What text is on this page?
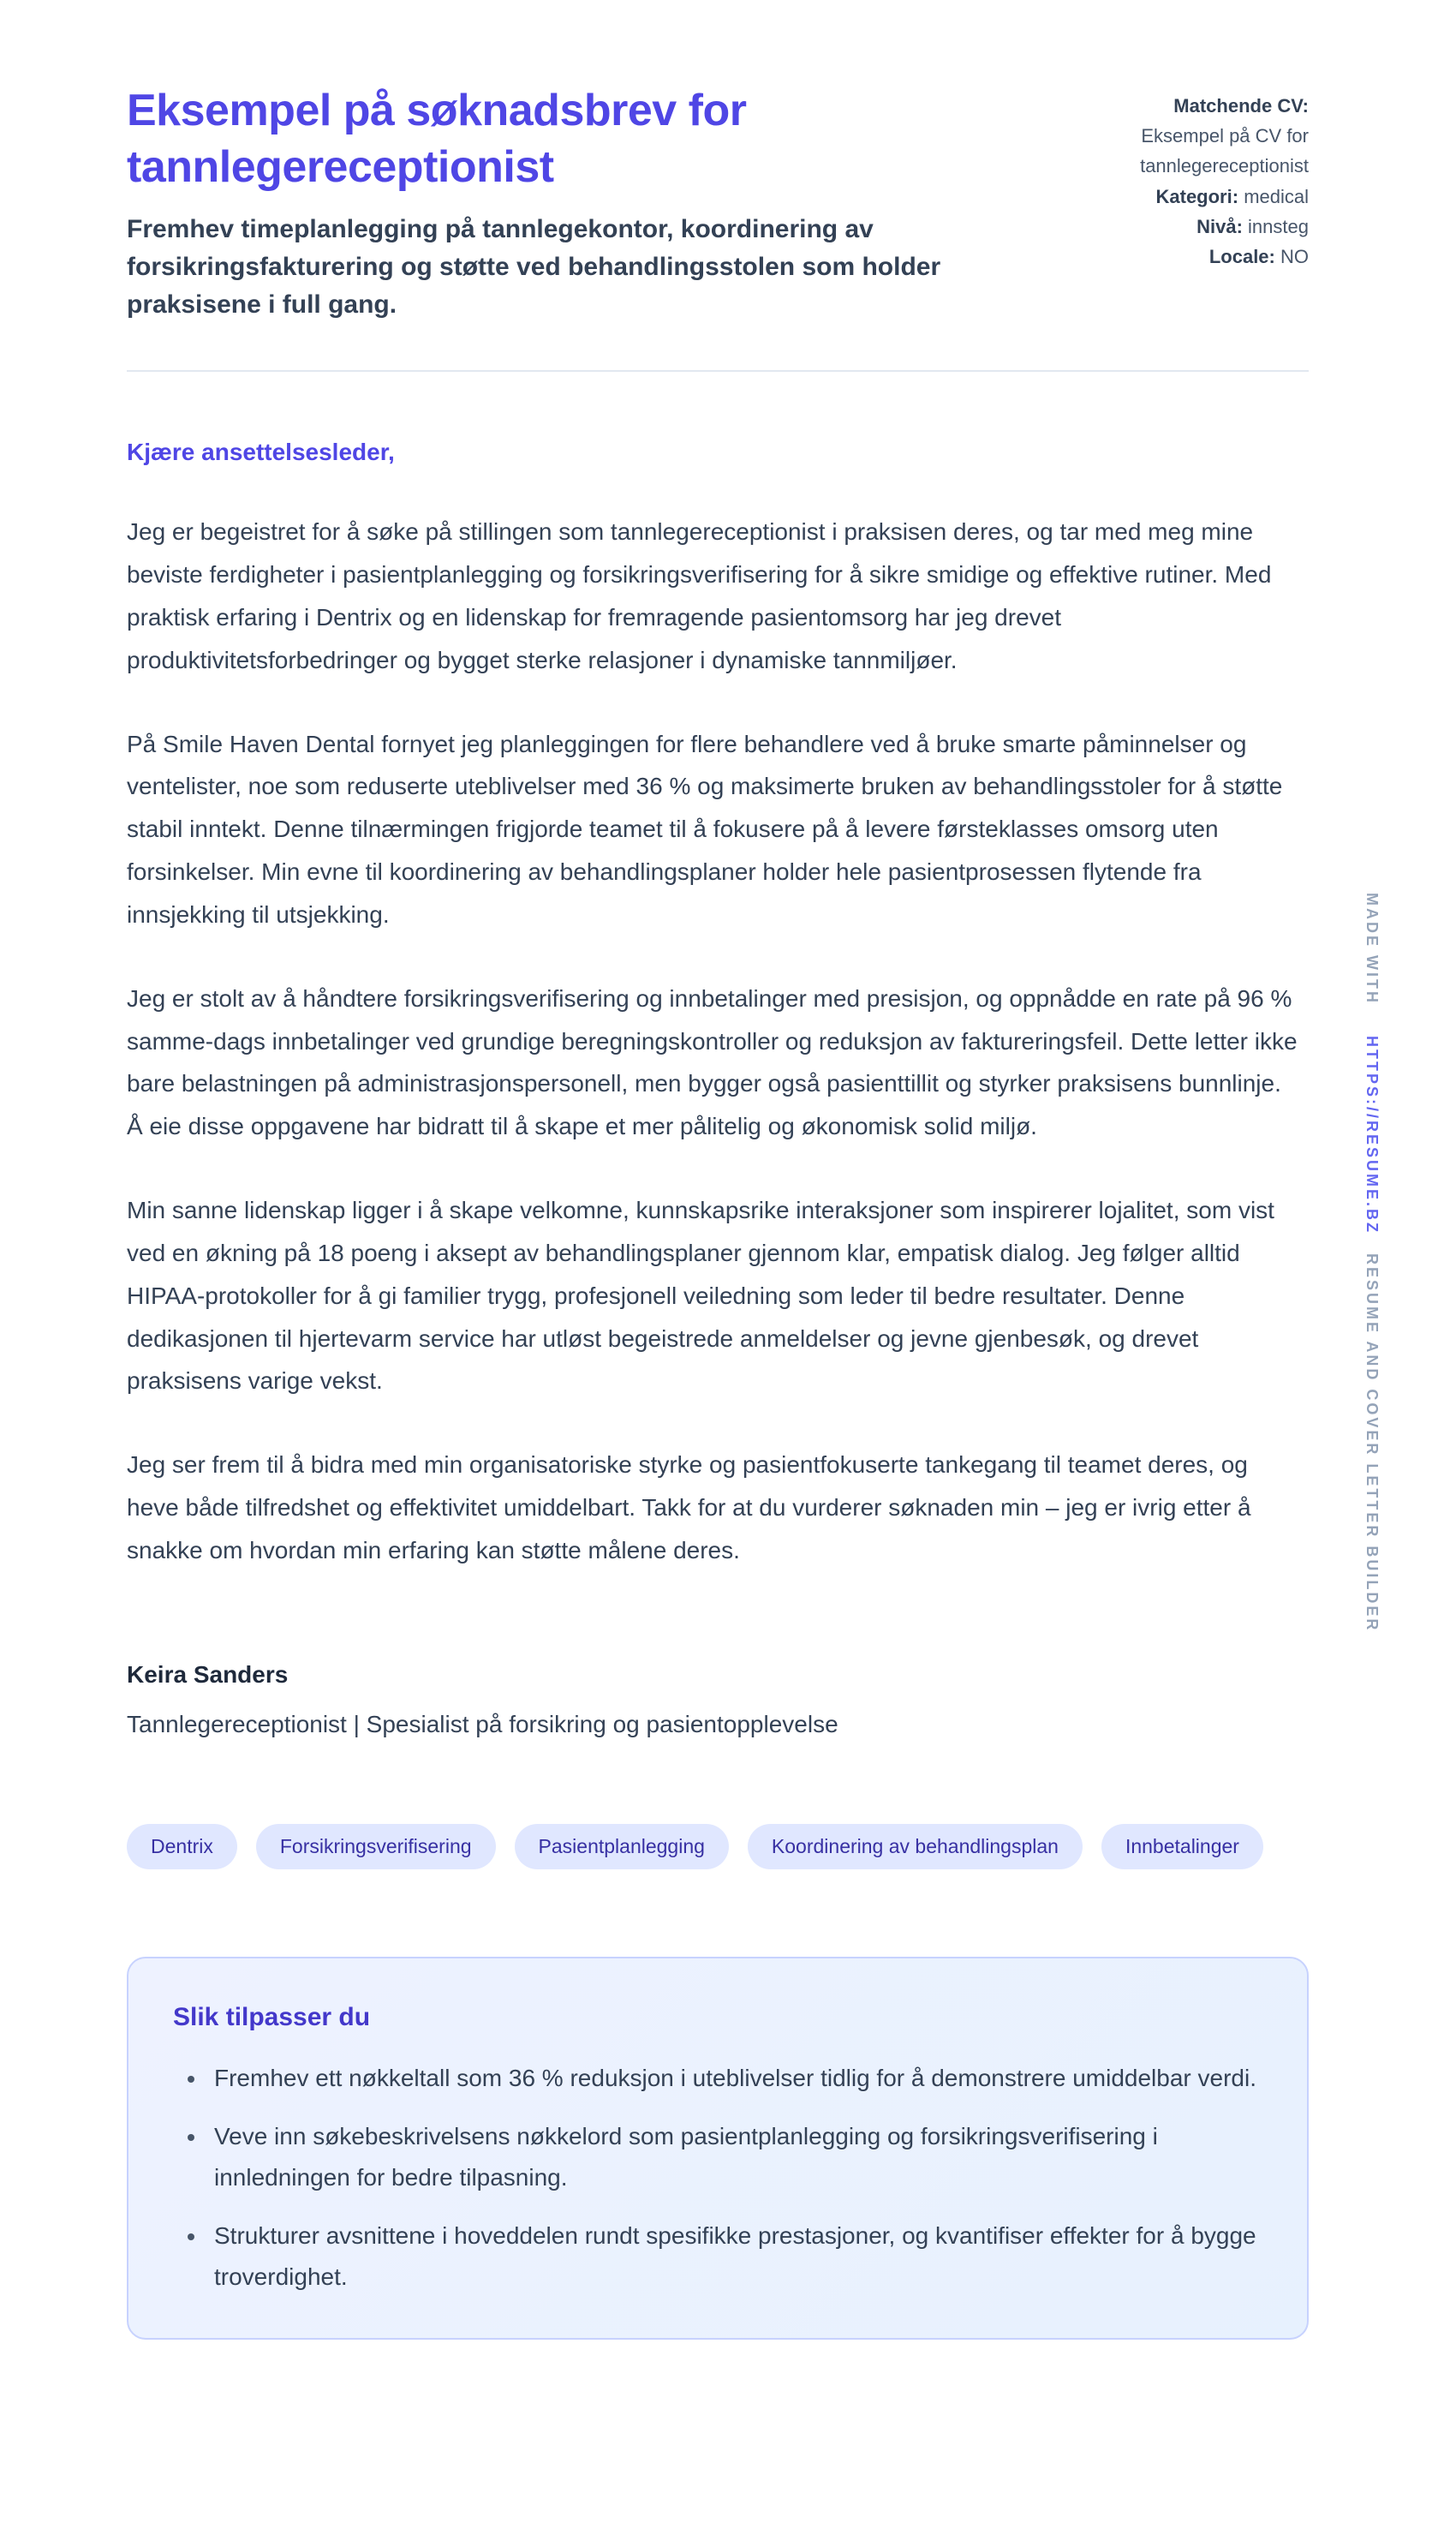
Eksempel på søknadsbrev for tannlegereceptionist

Fremhev timeplanlegging på tannlegekontor, koordinering av forsikringsfakturering og støtte ved behandlingsstolen som holder praksisene i full gang.

Matchende CV:
Eksempel på CV for tannlegereceptionist

Kategori: medical

Nivå: innsteg

Locale: NO

Kjære ansettelsesleder,

Jeg er begeistret for å søke på stillingen som tannlegereceptionist i praksisen deres, og tar med meg mine beviste ferdigheter i pasientplanlegging og forsikringsverifisering for å sikre smidige og effektive rutiner. Med praktisk erfaring i Dentrix og en lidenskap for fremragende pasientomsorg har jeg drevet produktivitetsforbedringer og bygget sterke relasjoner i dynamiske tannmiljøer.

På Smile Haven Dental fornyet jeg planleggingen for flere behandlere ved å bruke smarte påminnelser og ventelister, noe som reduserte uteblivelser med 36 % og maksimerte bruken av behandlingsstoler for å støtte stabil inntekt. Denne tilnærmingen frigjorde teamet til å fokusere på å levere førsteklasses omsorg uten forsinkelser. Min evne til koordinering av behandlingsplaner holder hele pasientprosessen flytende fra innsjekking til utsjekking.

Jeg er stolt av å håndtere forsikringsverifisering og innbetalinger med presisjon, og oppnådde en rate på 96 % samme-dags innbetalinger ved grundige beregningskontroller og reduksjon av faktureringsfeil. Dette letter ikke bare belastningen på administrasjonspersonell, men bygger også pasienttillit og styrker praksisens bunnlinje. Å eie disse oppgavene har bidratt til å skape et mer pålitelig og økonomisk solid miljø.

Min sanne lidenskap ligger i å skape velkomne, kunnskapsrike interaksjoner som inspirerer lojalitet, som vist ved en økning på 18 poeng i aksept av behandlingsplaner gjennom klar, empatisk dialog. Jeg følger alltid HIPAA-protokoller for å gi familier trygg, profesjonell veiledning som leder til bedre resultater. Denne dedikasjonen til hjertevarm service har utløst begeistrede anmeldelser og jevne gjenbesøk, og drevet praksisens varige vekst.

Jeg ser frem til å bidra med min organisatoriske styrke og pasientfokuserte tankegang til teamet deres, og heve både tilfredshet og effektivitet umiddelbart. Takk for at du vurderer søknaden min – jeg er ivrig etter å snakke om hvordan min erfaring kan støtte målene deres.

Keira Sanders

Tannlegereceptionist | Spesialist på forsikring og pasientopplevelse

Dentrix	Forsikringsverifisering	Pasientplanlegging	Koordinering av behandlingsplan	Innbetalinger

Slik tilpasser du

• Fremhev ett nøkkeltall som 36 % reduksjon i uteblivelser tidlig for å demonstrere umiddelbar verdi.
• Veve inn søkebeskrivelsens nøkkelord som pasientplanlegging og forsikringsverifisering i innledningen for bedre tilpasning.
• Strukturer avsnittene i hoveddelen rundt spesifikke prestasjoner, og kvantifiser effekter for å bygge troverdighet.
MADE WITH HTTPS://RESUME.BZ RESUME AND COVER LETTER BUILDER
